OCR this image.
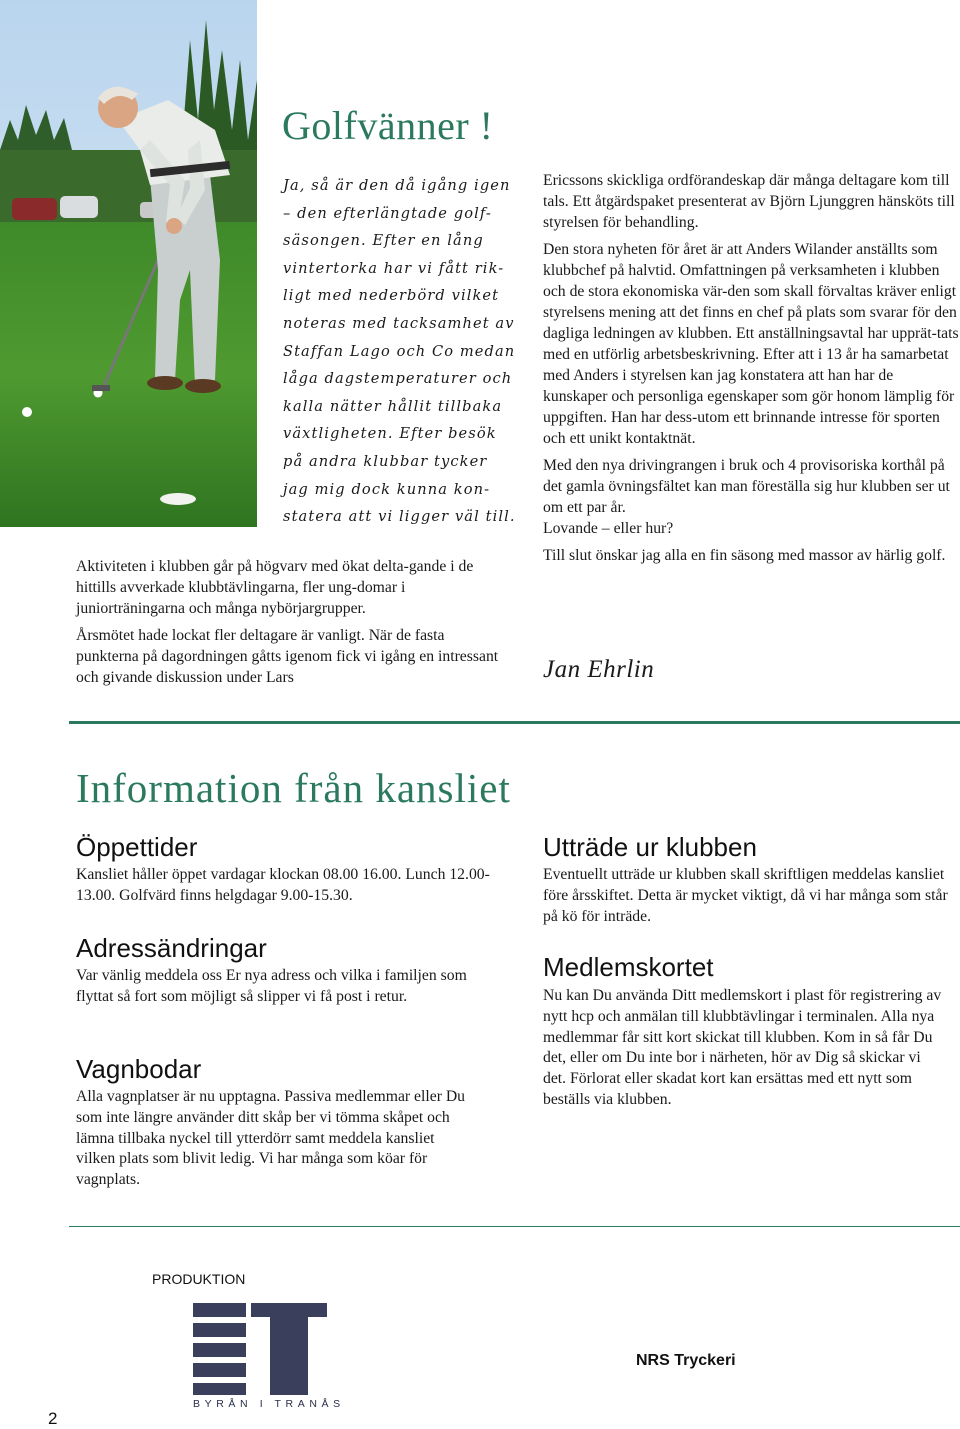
Golfvänner !
Ja, så är den då igång igen
– den efterlängtade golf-
säsongen. Efter en lång
vintertorka har vi fått rik-
ligt med nederbörd vilket
noteras med tacksamhet av
Staffan Lago och Co medan
låga dagstemperaturer och
kalla nätter hållit tillbaka
växtligheten. Efter besök
på andra klubbar tycker
jag mig dock kunna kon-
statera att vi ligger väl till.

Aktiviteten i klubben går på högvarv med ökat delta-gande i de hittills avverkade klubbtävlingarna, fler ung-domar i juniorträningarna och många nybörjargrupper.

Årsmötet hade lockat fler deltagare är vanligt. När de fasta punkterna på dagordningen gåtts igenom fick vi igång en intressant och givande diskussion under Lars

Ericssons skickliga ordförandeskap där många deltagare kom till tals. Ett åtgärdspaket presenterat av Björn Ljunggren hänsköts till styrelsen för behandling.

Den stora nyheten för året är att Anders Wilander anställts som klubbchef på halvtid. Omfattningen på verksamheten i klubben och de stora ekonomiska vär-den som skall förvaltas kräver enligt styrelsens mening att det finns en chef på plats som svarar för den dagliga ledningen av klubben. Ett anställningsavtal har upprät-tats med en utförlig arbetsbeskrivning. Efter att i 13 år ha samarbetat med Anders i styrelsen kan jag konstatera att han har de kunskaper och personliga egenskaper som gör honom lämplig för uppgiften. Han har dess-utom ett brinnande intresse för sporten och ett unikt kontaktnät.

Med den nya drivingrangen i bruk och 4 provisoriska korthål på det gamla övningsfältet kan man föreställa sig hur klubben ser ut om ett par år.

Lovande – eller hur?

Till slut önskar jag alla en fin säsong med massor av härlig golf.

Jan Ehrlin
Information från kansliet
Öppettider
Kansliet håller öppet vardagar klockan 08.00 16.00. Lunch 12.00-13.00. Golfvärd finns helgdagar 9.00-15.30.
Adressändringar
Var vänlig meddela oss Er nya adress och vilka i familjen som flyttat så fort som möjligt så slipper vi få post i retur.
Vagnbodar
Alla vagnplatser är nu upptagna. Passiva medlemmar eller Du som inte längre använder ditt skåp ber vi tömma skåpet och lämna tillbaka nyckel till ytterdörr samt meddela kansliet vilken plats som blivit ledig. Vi har många som köar för vagnplats.
Utträde ur klubben
Eventuellt utträde ur klubben skall skriftligen meddelas kansliet före årsskiftet. Detta är mycket viktigt, då vi har många som står på kö för inträde.
Medlemskortet
Nu kan Du använda Ditt medlemskort i plast för registrering av nytt hcp och anmälan till klubbtävlingar i terminalen. Alla nya medlemmar får sitt kort skickat till klubben. Kom in så får Du det, eller om Du inte bor i närheten, hör av Dig så skickar vi det. Förlorat eller skadat kort kan ersättas med ett nytt som beställs via klubben.
PRODUKTION
BYRÅN I TRANÅS
NRS Tryckeri
2
